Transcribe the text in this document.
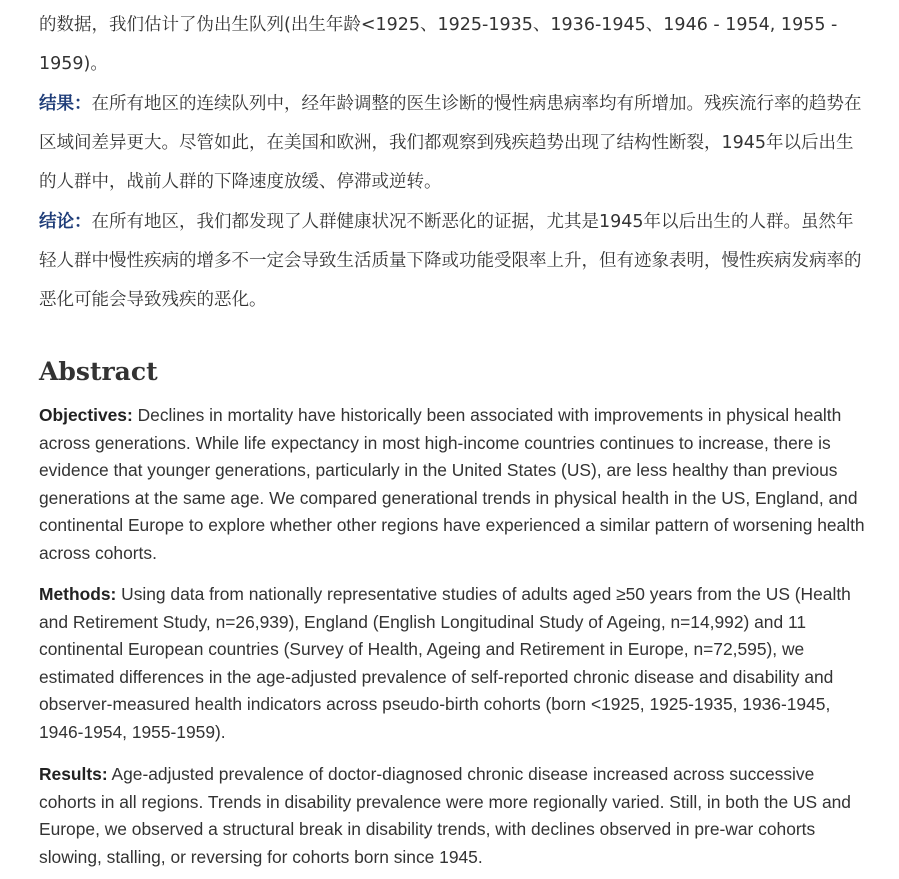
的数据，我们估计了伪出生队列(出生年龄<1925、1925-1935、1936-1945、1946 - 1954, 1955 - 1959)。

结果：在所有地区的连续队列中，经年龄调整的医生诊断的慢性病患病率均有所增加。残疾流行率的趋势在区域间差异更大。尽管如此，在美国和欧洲，我们都观察到残疾趋势出现了结构性断裂，1945年以后出生的人群中，战前人群的下降速度放缓、停滞或逆转。

结论：在所有地区，我们都发现了人群健康状况不断恶化的证据，尤其是1945年以后出生的人群。虽然年轻人群中慢性疾病的增多不一定会导致生活质量下降或功能受限率上升，但有迹象表明，慢性疾病发病率的恶化可能会导致残疾的恶化。

Abstract

Objectives: Declines in mortality have historically been associated with improvements in physical health across generations. While life expectancy in most high-income countries continues to increase, there is evidence that younger generations, particularly in the United States (US), are less healthy than previous generations at the same age. We compared generational trends in physical health in the US, England, and continental Europe to explore whether other regions have experienced a similar pattern of worsening health across cohorts.

Methods: Using data from nationally representative studies of adults aged ≥50 years from the US (Health and Retirement Study, n=26,939), England (English Longitudinal Study of Ageing, n=14,992) and 11 continental European countries (Survey of Health, Ageing and Retirement in Europe, n=72,595), we estimated differences in the age-adjusted prevalence of self-reported chronic disease and disability and observer-measured health indicators across pseudo-birth cohorts (born <1925, 1925-1935, 1936-1945, 1946-1954, 1955-1959).

Results: Age-adjusted prevalence of doctor-diagnosed chronic disease increased across successive cohorts in all regions. Trends in disability prevalence were more regionally varied. Still, in both the US and Europe, we observed a structural break in disability trends, with declines observed in pre-war cohorts slowing, stalling, or reversing for cohorts born since 1945.
